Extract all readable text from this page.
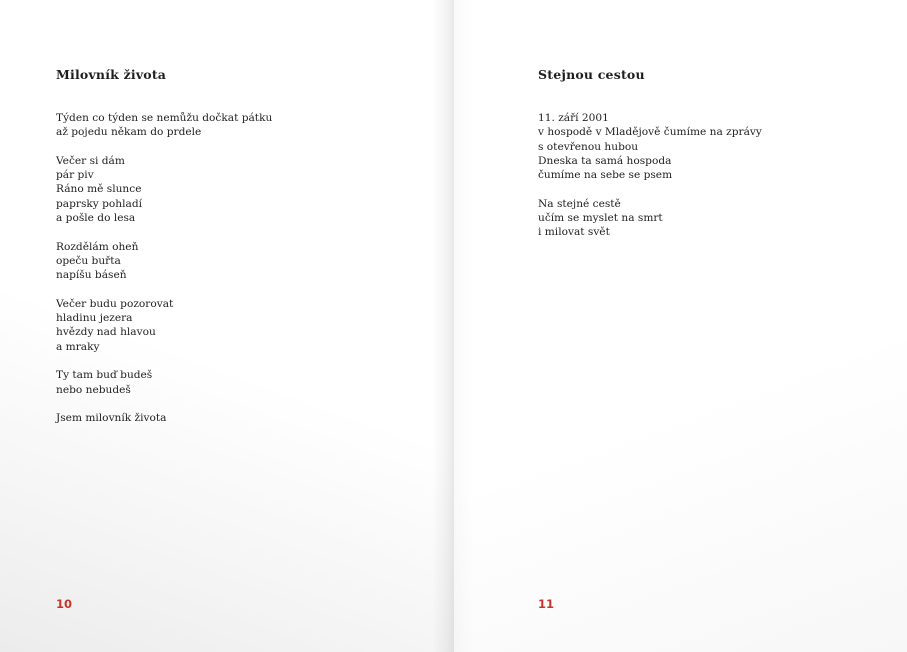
Milovník života
Týden co týden se nemůžu dočkat pátku
až pojedu někam do prdele
Večer si dám
pár piv
Ráno mě slunce
paprsky pohladí
a pošle do lesa
Rozdělám oheň
opeču buřta
napíšu báseň
Večer budu pozorovat
hladinu jezera
hvězdy nad hlavou
a mraky
Ty tam buď budeš
nebo nebudeš
Jsem milovník života
10
Stejnou cestou
11. září 2001
v hospodě v Mladějově čumíme na zprávy
s otevřenou hubou
Dneska ta samá hospoda
čumíme na sebe se psem
Na stejné cestě
učím se myslet na smrt
i milovat svět
11
